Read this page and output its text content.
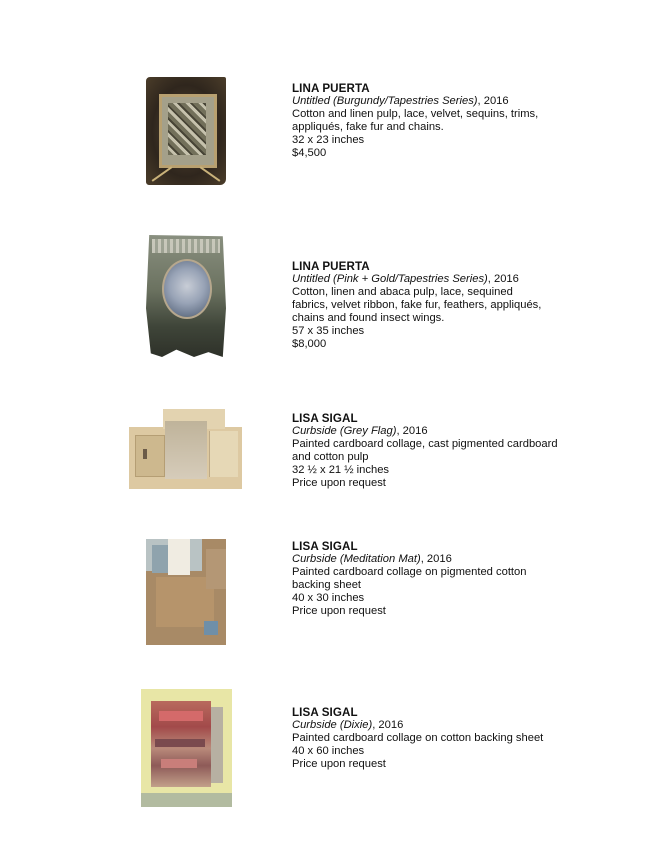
LINA PUERTA
Untitled (Burgundy/Tapestries Series), 2016
Cotton and linen pulp, lace, velvet, sequins, trims,
appliqués, fake fur and chains.
32 x 23 inches
$4,500
LINA PUERTA
Untitled (Pink + Gold/Tapestries Series), 2016
Cotton, linen and abaca pulp, lace, sequined
fabrics, velvet ribbon, fake fur, feathers, appliqués,
chains and found insect wings.
57 x 35 inches
$8,000
LISA SIGAL
Curbside (Grey Flag), 2016
Painted cardboard collage, cast pigmented cardboard
and cotton pulp
32 ½ x 21 ½ inches
Price upon request
LISA SIGAL
Curbside (Meditation Mat), 2016
Painted cardboard collage on pigmented cotton
backing sheet
40 x 30 inches
Price upon request
LISA SIGAL
Curbside (Dixie), 2016
Painted cardboard collage on cotton backing sheet
40 x 60 inches
Price upon request
